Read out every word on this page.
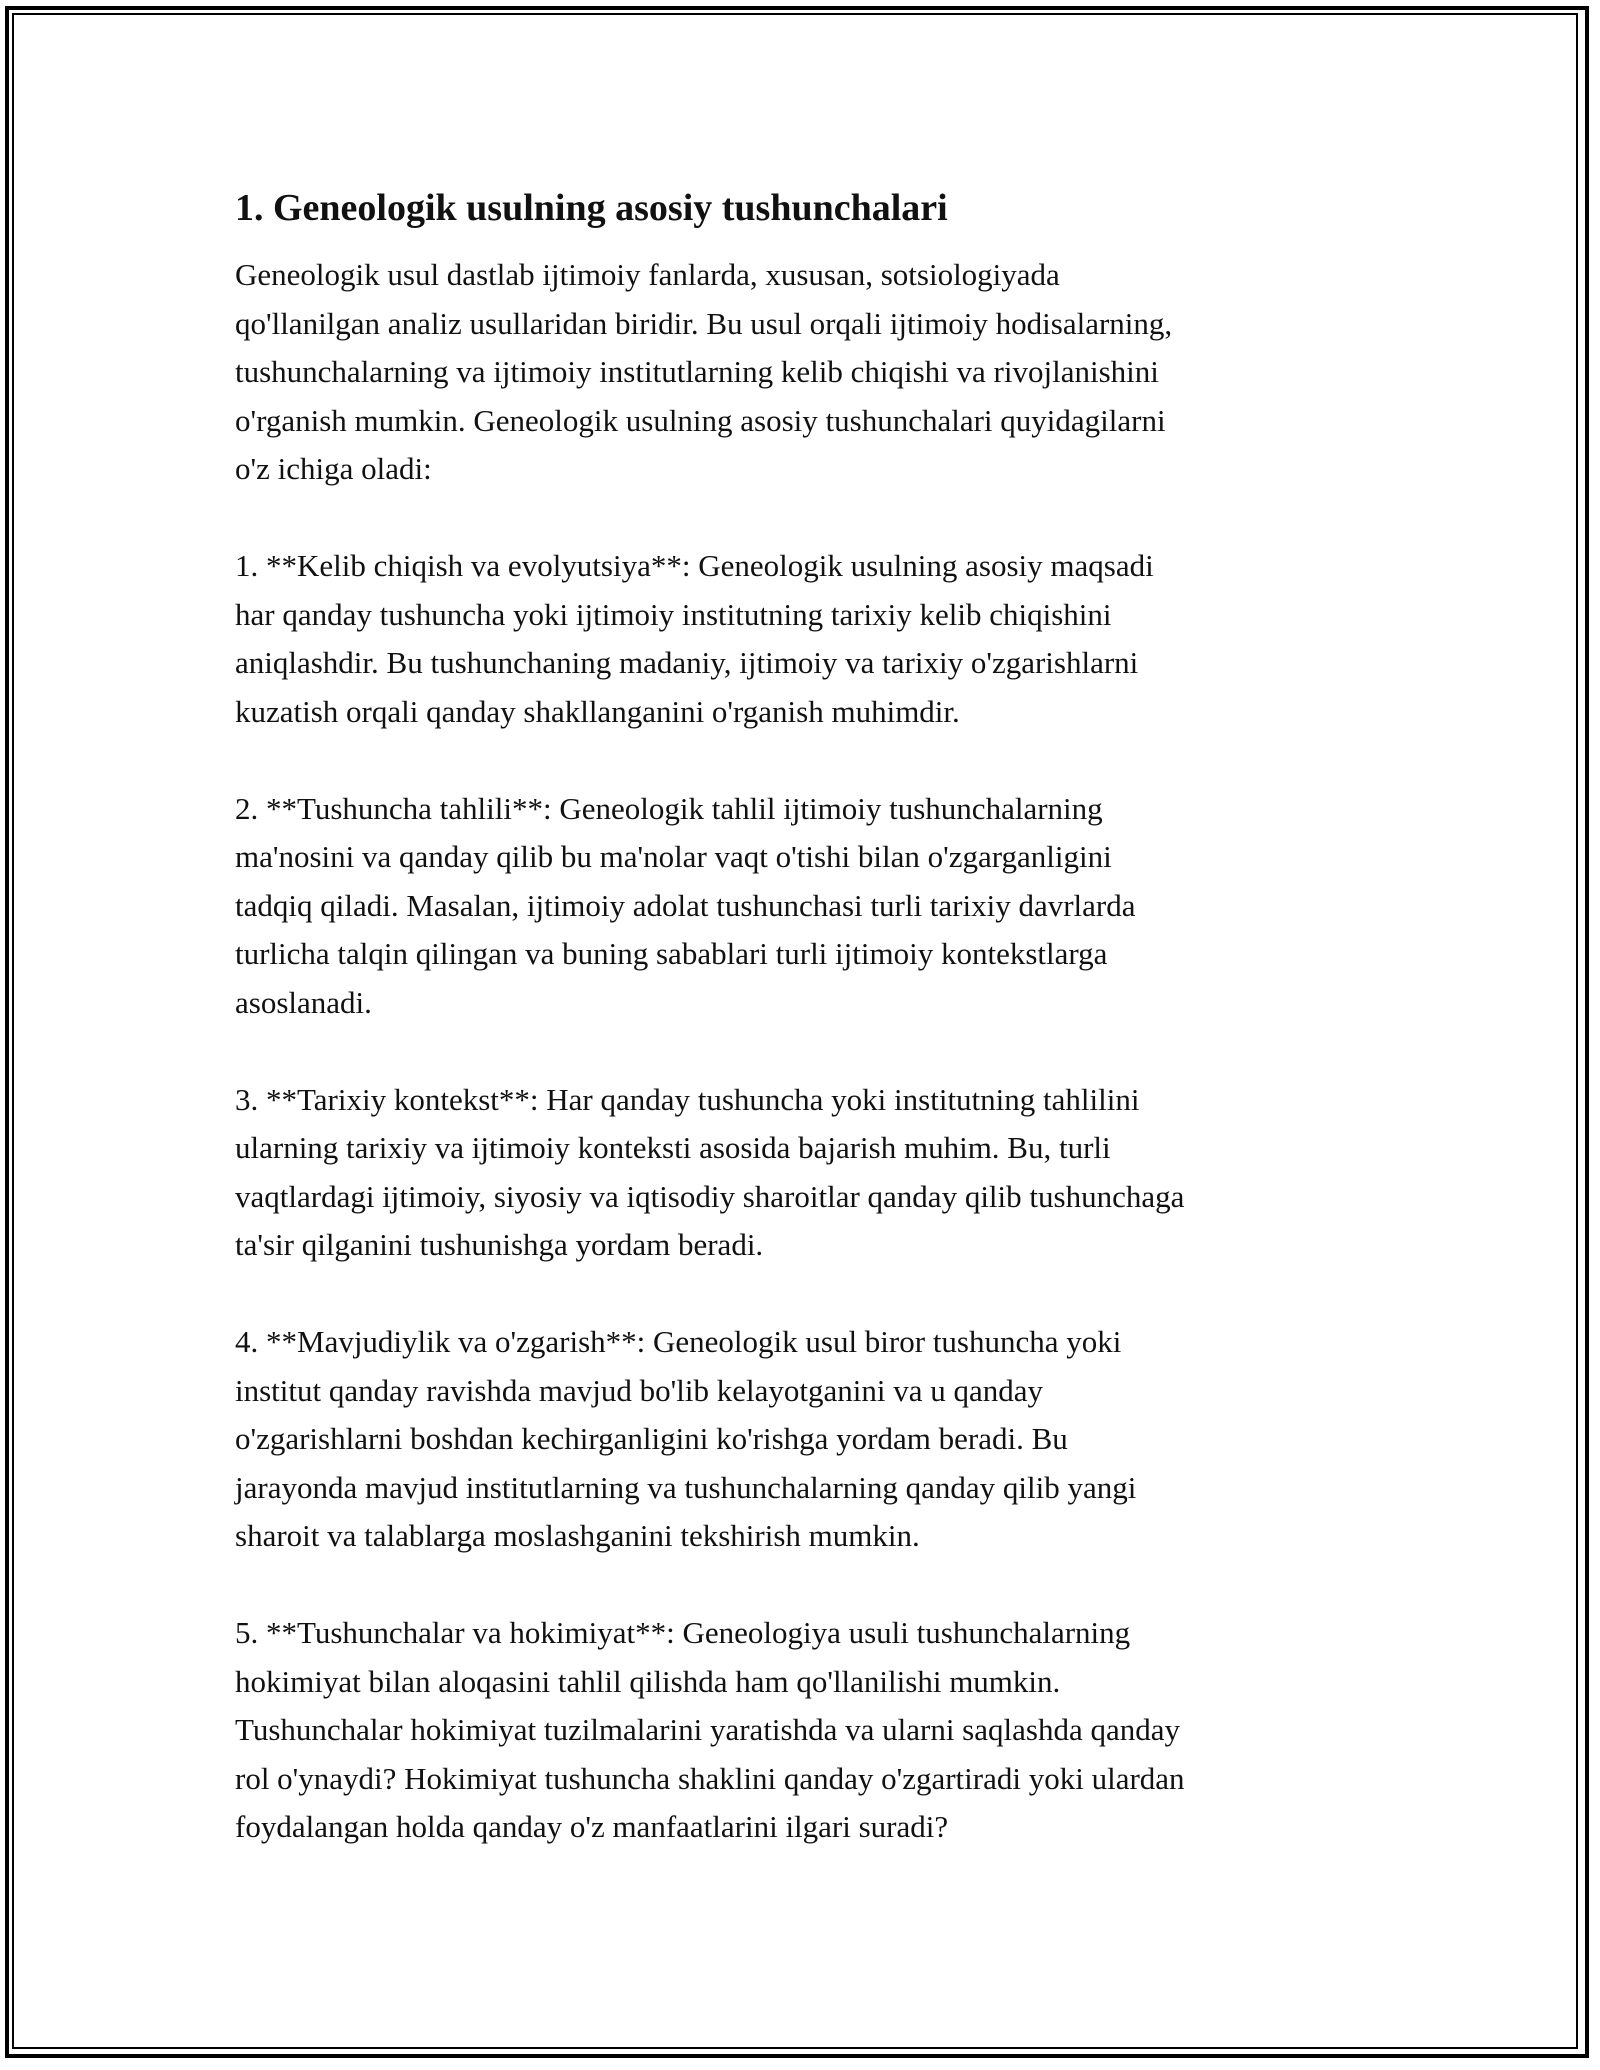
1. Geneologik usulning asosiy tushunchalari

Geneologik usul dastlab ijtimoiy fanlarda, xususan, sotsiologiyada
qo'llanilgan analiz usullaridan biridir. Bu usul orqali ijtimoiy hodisalarning,
tushunchalarning va ijtimoiy institutlarning kelib chiqishi va rivojlanishini
o'rganish mumkin. Geneologik usulning asosiy tushunchalari quyidagilarni
o'z ichiga oladi:

1. **Kelib chiqish va evolyutsiya**: Geneologik usulning asosiy maqsadi
har qanday tushuncha yoki ijtimoiy institutning tarixiy kelib chiqishini
aniqlashdir. Bu tushunchaning madaniy, ijtimoiy va tarixiy o'zgarishlarni
kuzatish orqali qanday shakllanganini o'rganish muhimdir.

2. **Tushuncha tahlili**: Geneologik tahlil ijtimoiy tushunchalarning
ma'nosini va qanday qilib bu ma'nolar vaqt o'tishi bilan o'zgarganligini
tadqiq qiladi. Masalan, ijtimoiy adolat tushunchasi turli tarixiy davrlarda
turlicha talqin qilingan va buning sabablari turli ijtimoiy kontekstlarga
asoslanadi.

3. **Tarixiy kontekst**: Har qanday tushuncha yoki institutning tahlilini
ularning tarixiy va ijtimoiy konteksti asosida bajarish muhim. Bu, turli
vaqtlardagi ijtimoiy, siyosiy va iqtisodiy sharoitlar qanday qilib tushunchaga
ta'sir qilganini tushunishga yordam beradi.

4. **Mavjudiylik va o'zgarish**: Geneologik usul biror tushuncha yoki
institut qanday ravishda mavjud bo'lib kelayotganini va u qanday
o'zgarishlarni boshdan kechirganligini ko'rishga yordam beradi. Bu
jarayonda mavjud institutlarning va tushunchalarning qanday qilib yangi
sharoit va talablarga moslashganini tekshirish mumkin.

5. **Tushunchalar va hokimiyat**: Geneologiya usuli tushunchalarning
hokimiyat bilan aloqasini tahlil qilishda ham qo'llanilishi mumkin.
Tushunchalar hokimiyat tuzilmalarini yaratishda va ularni saqlashda qanday
rol o'ynaydi? Hokimiyat tushuncha shaklini qanday o'zgartiradi yoki ulardan
foydalangan holda qanday o'z manfaatlarini ilgari suradi?
